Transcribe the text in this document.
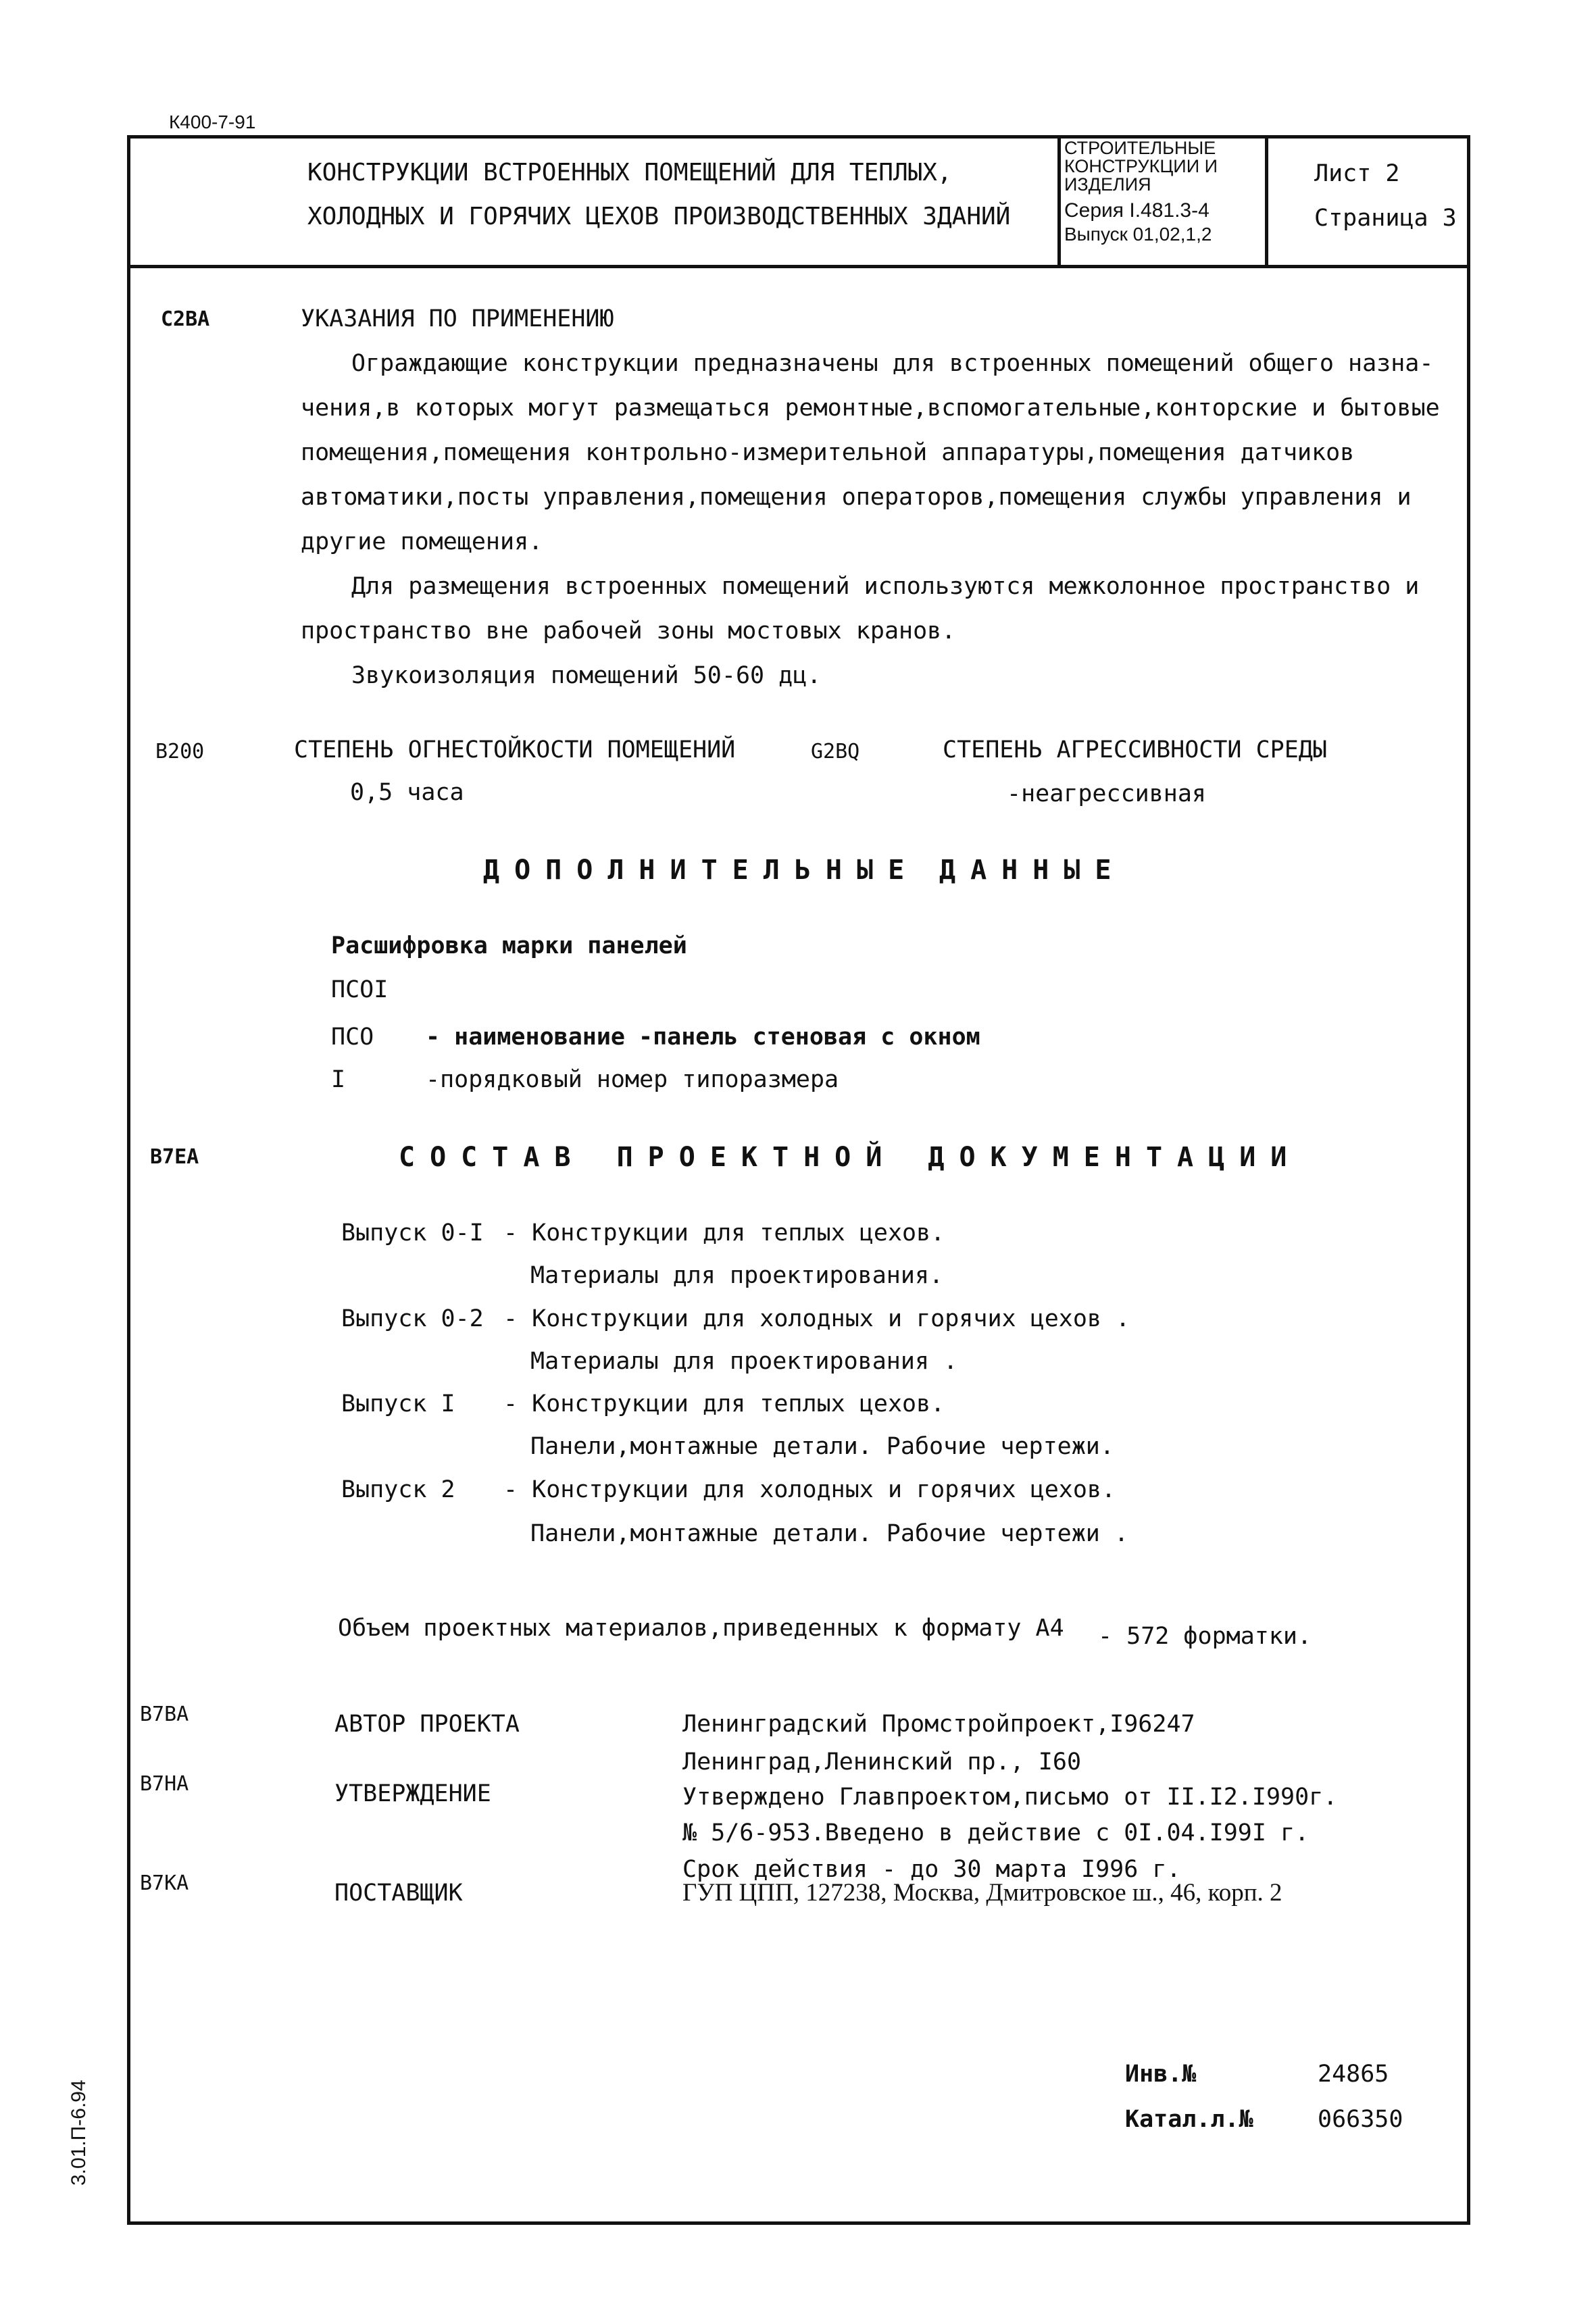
К400-7-91
КОНСТРУКЦИИ ВСТРОЕННЫХ ПОМЕЩЕНИЙ ДЛЯ ТЕПЛЫХ,
ХОЛОДНЫХ И ГОРЯЧИХ ЦЕХОВ ПРОИЗВОДСТВЕННЫХ ЗДАНИЙ
СТРОИТЕЛЬНЫЕ
КОНСТРУКЦИИ И
ИЗДЕЛИЯ
Серия I.481.3-4
Выпуск 01,02,1,2
Лист 2
Страница 3
С2ВА	УКАЗАНИЯ ПО ПРИМЕНЕНИЮ
Ограждающие конструкции предназначены для встроенных помещений общего назна-
чения,в которых могут размещаться ремонтные,вспомогательные,конторские и бытовые
помещения,помещения контрольно-измерительной аппаратуры,помещения датчиков
автоматики,посты управления,помещения операторов,помещения службы управления и
другие помещения.
Для размещения встроенных помещений используются межколонное пространство и
пространство вне рабочей зоны мостовых кранов.
Звукоизоляция помещений 50-60 дц.
В200	СТЕПЕНЬ ОГНЕСТОЙКОСТИ ПОМЕЩЕНИЙ
0,5 часа
G2BQ	СТЕПЕНЬ АГРЕССИВНОСТИ СРЕДЫ
-неагрессивная
ДОПОЛНИТЕЛЬНЫЕ ДАННЫЕ
Расшифровка марки панелей
ПСОI
ПСО - наименование -панель стеновая с окном
I	-порядковый номер типоразмера
В7ЕА	СОСТАВ ПРОЕКТНОЙ ДОКУМЕНТАЦИИ
Выпуск 0-I - Конструкции для теплых цехов.
Материалы для проектирования.
Выпуск 0-2 - Конструкции для холодных и горячих цехов .
Материалы для проектирования .
Выпуск I - Конструкции для теплых цехов.
Панели,монтажные детали. Рабочие чертежи.
Выпуск 2 - Конструкции для холодных и горячих цехов.
Панели,монтажные детали. Рабочие чертежи .
Объем проектных материалов,приведенных к формату А4 - 572 форматки.
В7ВА	АВТОР ПРОЕКТА	Ленинградский Промстройпроект,I96247
Ленинград,Ленинский пр., I60
В7НА	УТВЕРЖДЕНИЕ	Утверждено Главпроектом,письмо от II.I2.I990г.
№ 5/6-953.Введено в действие с 0I.04.I99I г.
Срок действия - до 30 марта I996 г.
В7КА	ПОСТАВЩИК	ГУП ЦПП, 127238, Москва, Дмитровское ш., 46, корп. 2
Инв.№	24865
Катал.л.№	066350
3.01.П-6.94
